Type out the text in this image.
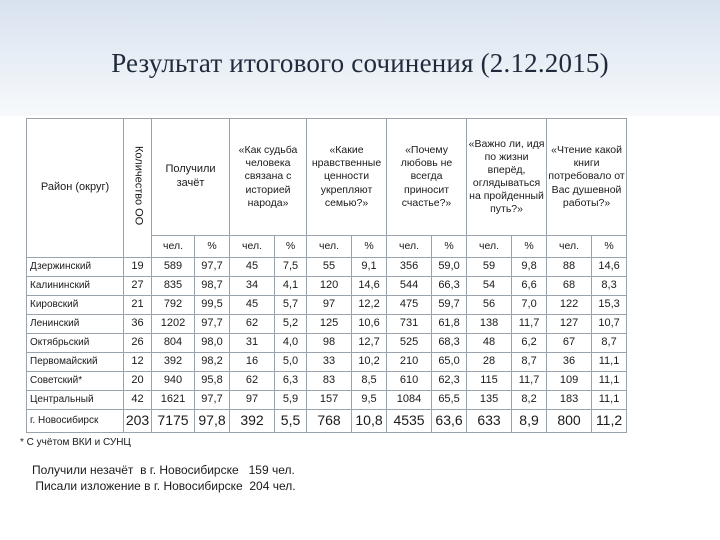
Результат итогового сочинения (2.12.2015)
Район (округ)	Количество ОО	Получили зачёт		«Как судьба человека связана с историей народа»		«Какие нравственные ценности укрепляют семью?»		«Почему любовь не всегда приносит счастье?»		«Важно ли, идя по жизни вперёд, оглядываться на пройденный путь?»		«Чтение какой книги потребовало от Вас душевной работы?»	
		чел.	%	чел.	%	чел.	%	чел.	%	чел.	%	чел.	%
Дзержинский	19	589	97,7	45	7,5	55	9,1	356	59,0	59	9,8	88	14,6
Калининский	27	835	98,7	34	4,1	120	14,6	544	66,3	54	6,6	68	8,3
Кировский	21	792	99,5	45	5,7	97	12,2	475	59,7	56	7,0	122	15,3
Ленинский	36	1202	97,7	62	5,2	125	10,6	731	61,8	138	11,7	127	10,7
Октябрьский	26	804	98,0	31	4,0	98	12,7	525	68,3	48	6,2	67	8,7
Первомайский	12	392	98,2	16	5,0	33	10,2	210	65,0	28	8,7	36	11,1
Советский*	20	940	95,8	62	6,3	83	8,5	610	62,3	115	11,7	109	11,1
Центральный	42	1621	97,7	97	5,9	157	9,5	1084	65,5	135	8,2	183	11,1
г. Новосибирск	203	7175	97,8	392	5,5	768	10,8	4535	63,6	633	8,9	800	11,2
* С учётом ВКИ и СУНЦ
Получили незачёт  в г. Новосибирске   159 чел.
Писали изложение в г. Новосибирске  204 чел.
